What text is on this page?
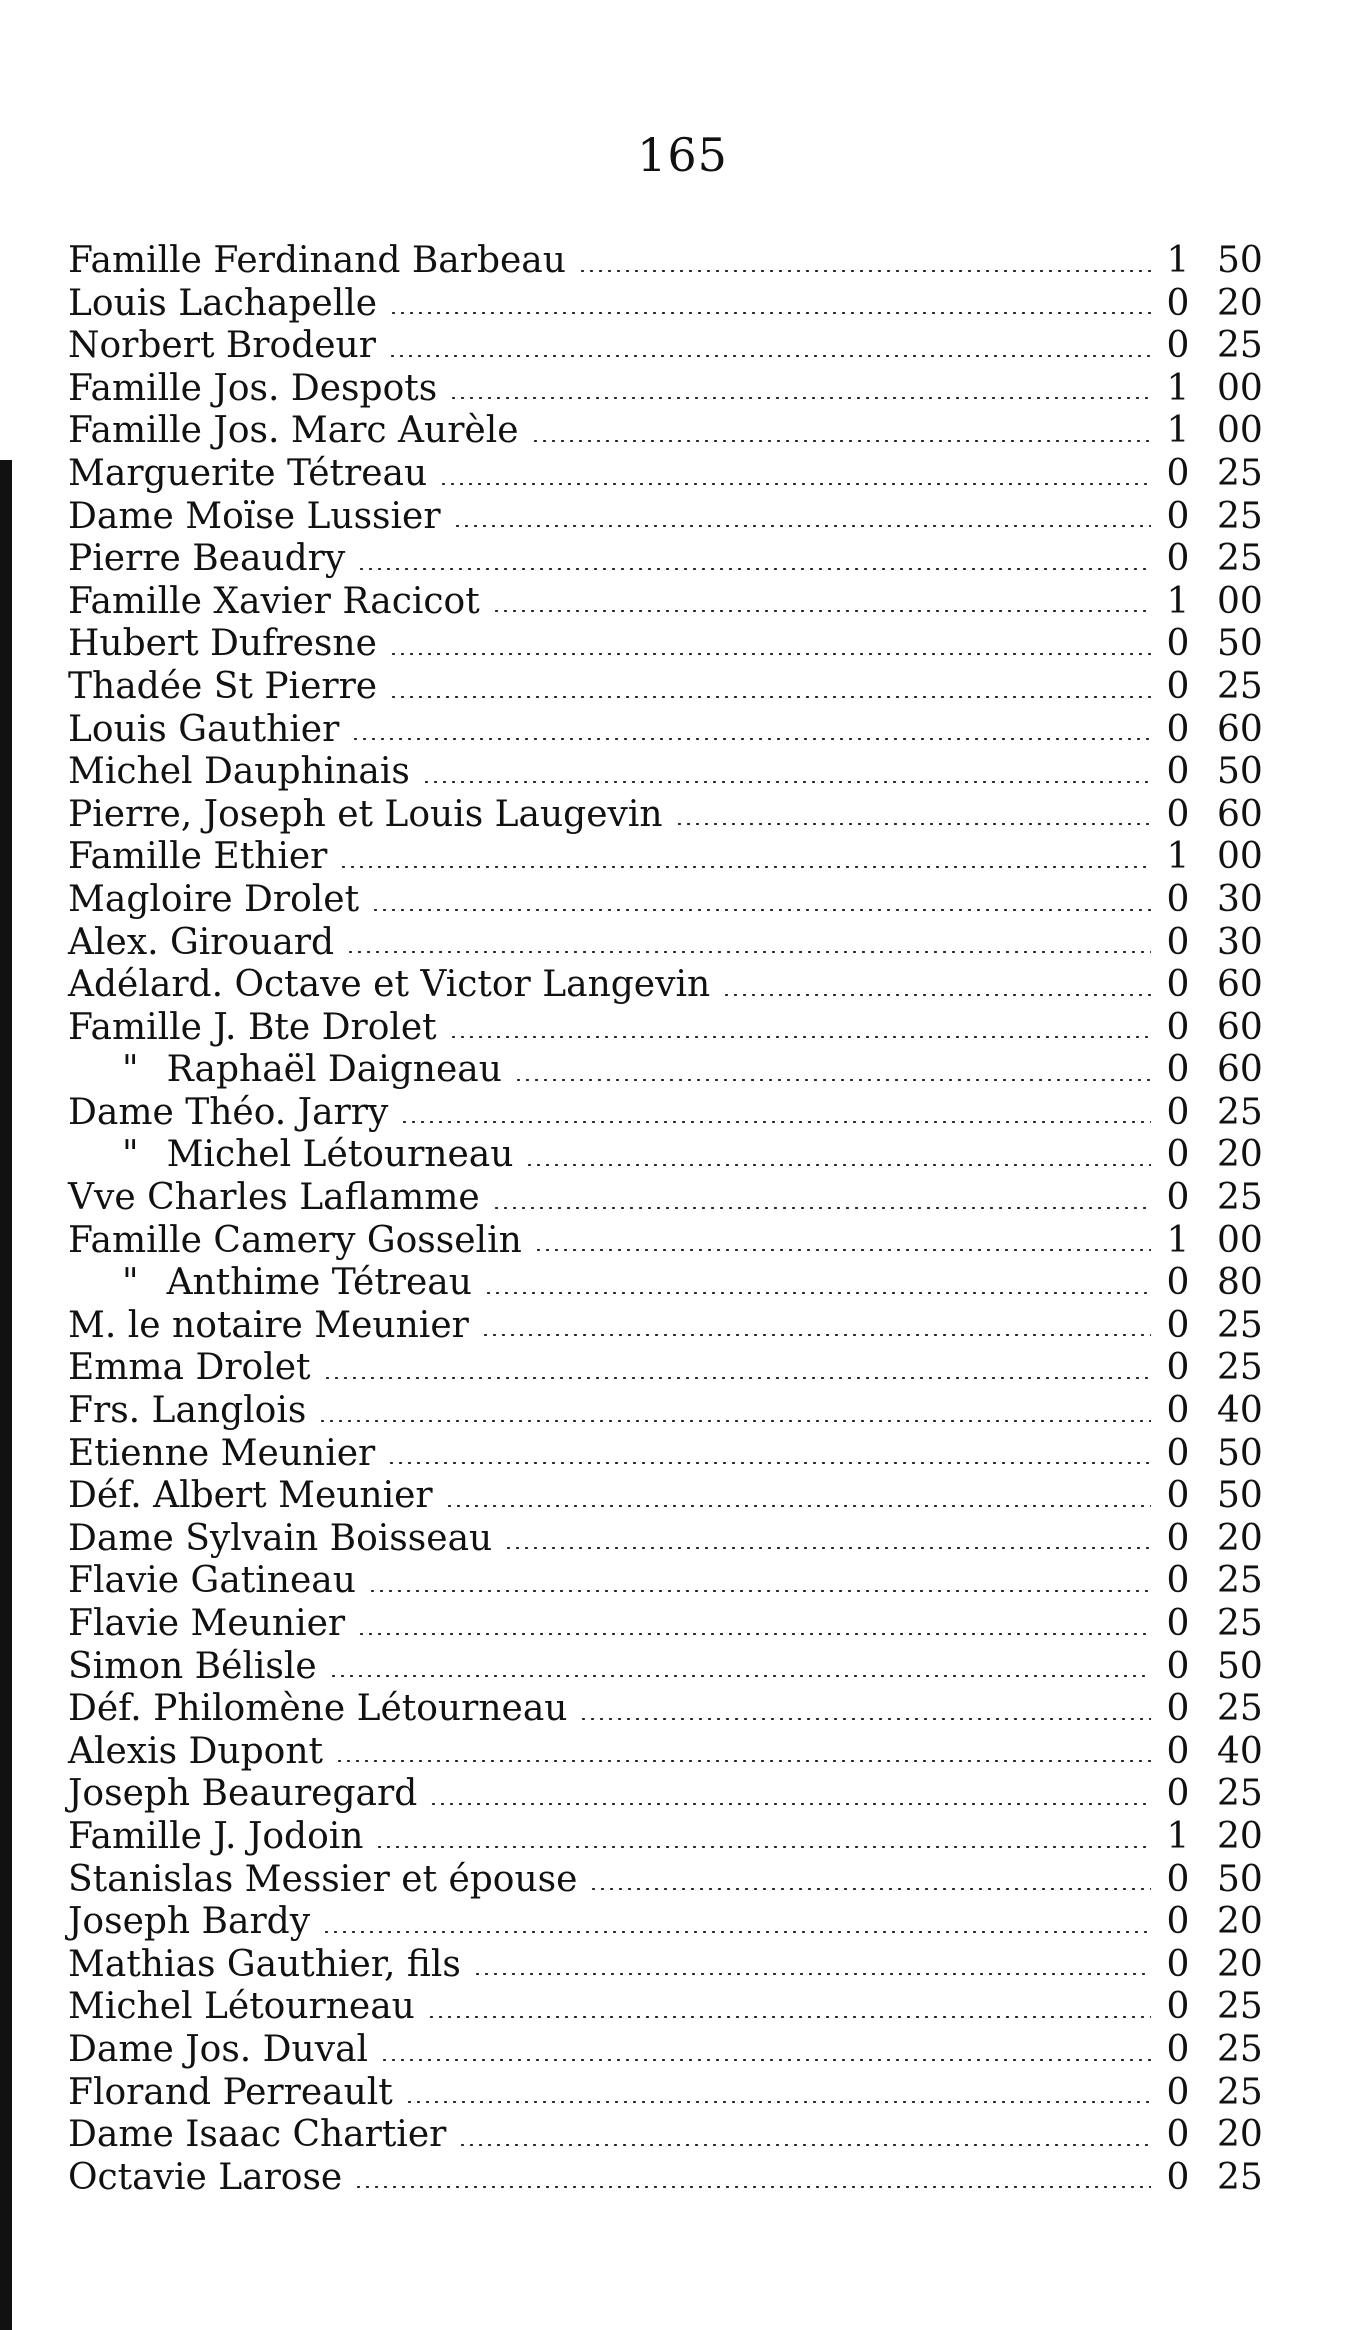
165
Famille Ferdinand Barbeau	1 50
Louis Lachapelle	0 20
Norbert Brodeur	0 25
Famille Jos. Despots	1 00
Famille Jos. Marc Aurèle	1 00
Marguerite Tétreau	0 25
Dame Moïse Lussier	0 25
Pierre Beaudry	0 25
Famille Xavier Racicot	1 00
Hubert Dufresne	0 50
Thadée St Pierre	0 25
Louis Gauthier	0 60
Michel Dauphinais	0 50
Pierre, Joseph et Louis Laugevin	0 60
Famille Ethier	1 00
Magloire Drolet	0 30
Alex. Girouard	0 30
Adélard. Octave et Victor Langevin	0 60
Famille J. Bte Drolet	0 60
" Raphaël Daigneau	0 60
Dame Théo. Jarry	0 25
" Michel Létourneau	0 20
Vve Charles Laflamme	0 25
Famille Camery Gosselin	1 00
" Anthime Tétreau	0 80
M. le notaire Meunier	0 25
Emma Drolet	0 25
Frs. Langlois	0 40
Etienne Meunier	0 50
Déf. Albert Meunier	0 50
Dame Sylvain Boisseau	0 20
Flavie Gatineau	0 25
Flavie Meunier	0 25
Simon Bélisle	0 50
Déf. Philomène Létourneau	0 25
Alexis Dupont	0 40
Joseph Beauregard	0 25
Famille J. Jodoin	1 20
Stanislas Messier et épouse	0 50
Joseph Bardy	0 20
Mathias Gauthier, fils	0 20
Michel Létourneau	0 25
Dame Jos. Duval	0 25
Florand Perreault	0 25
Dame Isaac Chartier	0 20
Octavie Larose	0 25
